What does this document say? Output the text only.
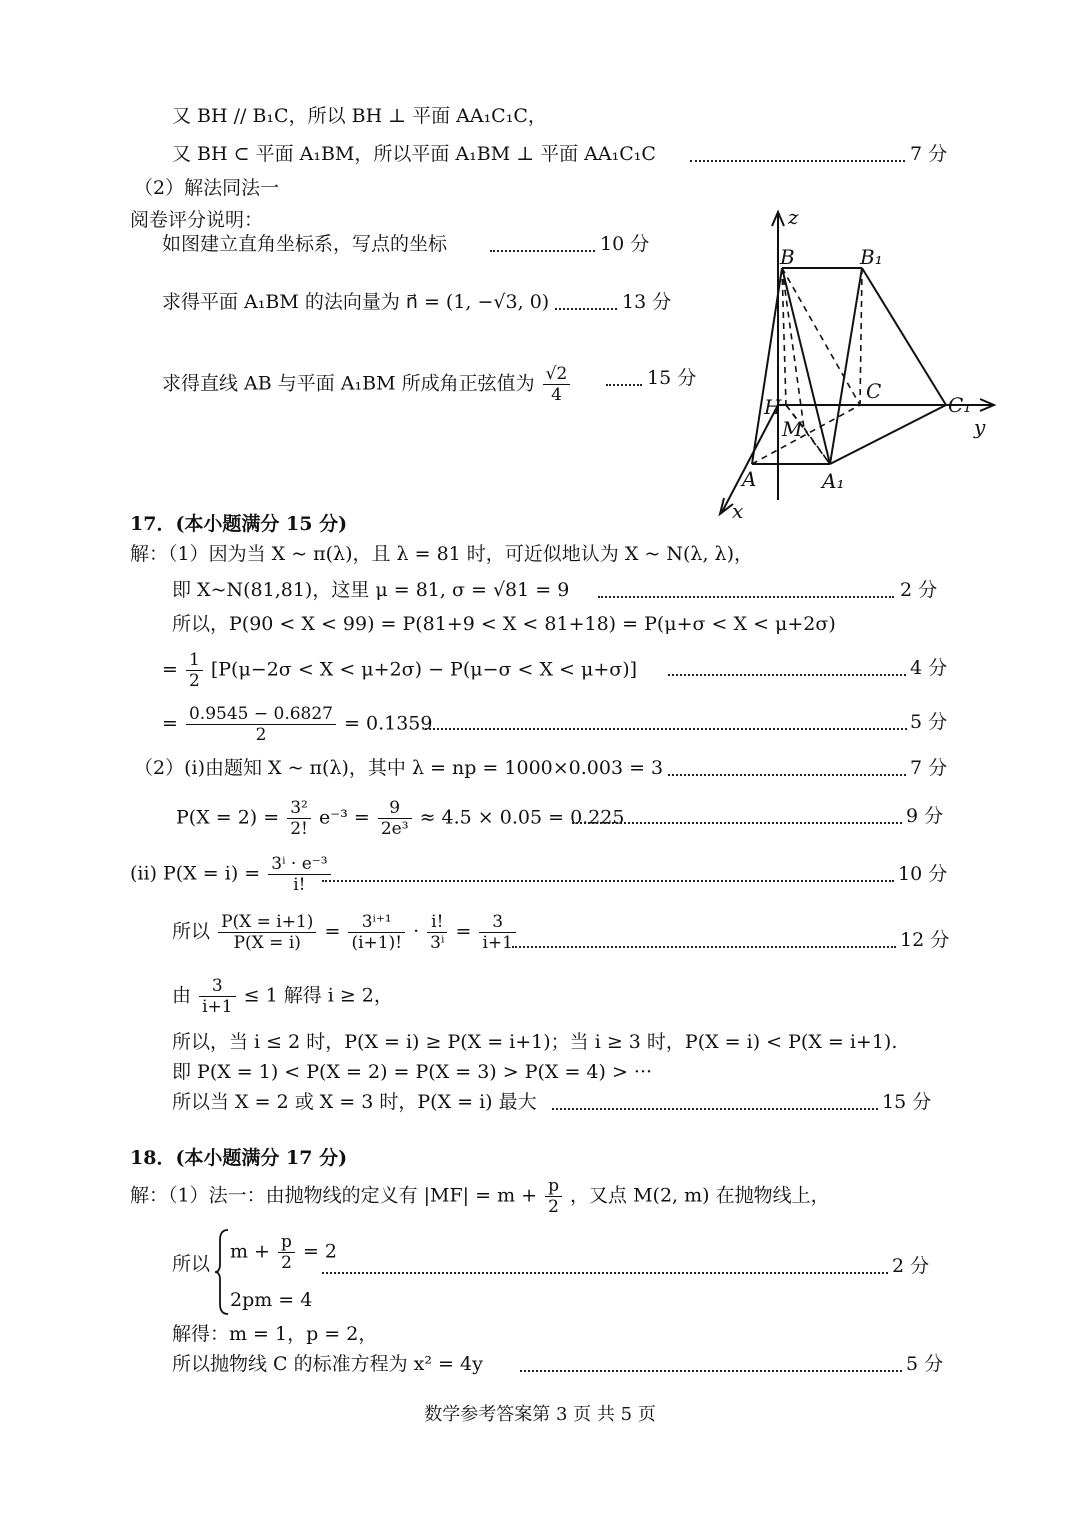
又 BH // B₁C，所以 BH ⊥ 平面 AA₁C₁C，
又 BH ⊂ 平面 A₁BM，所以平面 A₁BM ⊥ 平面 AA₁C₁C	7 分
（2）解法同法一
阅卷评分说明：
如图建立直角坐标系，写点的坐标	10 分
求得平面 A₁BM 的法向量为 n⃗ = (1, −√3, 0)	13 分
求得直线 AB 与平面 A₁BM 所成角正弦值为 $\frac{√2}{4}$	15 分
z
y
x
B	B₁
C
C₁
H
M
A	A₁
17．(本小题满分 15 分)
解：（1）因为当 X ~ π(λ)，且 λ = 81 时，可近似地认为 X ~ N(λ, λ)，
即 X~N(81,81)，这里 μ = 81, σ = √81 = 9	2 分
所以，P(90 < X < 99) = P(81+9 < X < 81+18) = P(μ+σ < X < μ+2σ)
= $\frac{1}{2} [P(\mu-2\sigma < X < \mu+2\sigma) - P(\mu-\sigma < X < \mu+\sigma)]$	4 分
= $\frac{0.9545 - 0.6827}{2} = 0.1359$	5 分
（2）(i)由题知 X ~ π(λ)，其中 λ = np = 1000×0.003 = 3	7 分
$P(X = 2) = \frac{\text{3²}}{2!} e^{-3} = \frac{9}{\text{2e³}} \approx 4.5 \times 0.05 = 0.225$	9 分
(ii) $P(X = i) = \frac{\text{3ⁱ · e⁻³}}{i!}$	10 分
所以 $\frac{P(X = i+1)}{P(X = i)} = \frac{\text{3ⁱ⁺¹}}{(i+1)!} \cdot \frac{i!}{\text{3ⁱ}} = \frac{3}{i+1}$	12 分
由 $\frac{3}{i+1} \le 1$ 解得 i ≥ 2，
所以，当 i ≤ 2 时，P(X = i) ≥ P(X = i+1)；当 i ≥ 3 时，P(X = i) < P(X = i+1).
即 P(X = 1) < P(X = 2) = P(X = 3) > P(X = 4) > ···
所以当 X = 2 或 X = 3 时，P(X = i) 最大	15 分
18．(本小题满分 17 分)
解：（1）法一：由抛物线的定义有 $|MF| = m + \frac{p}{2}$ ，又点 M(2, m) 在抛物线上，
所以
$m + \frac{p}{2} = 2$
2pm = 4
2 分
解得：m = 1，p = 2，
所以抛物线 C 的标准方程为 x² = 4y	5 分
数学参考答案第 3 页 共 5 页
